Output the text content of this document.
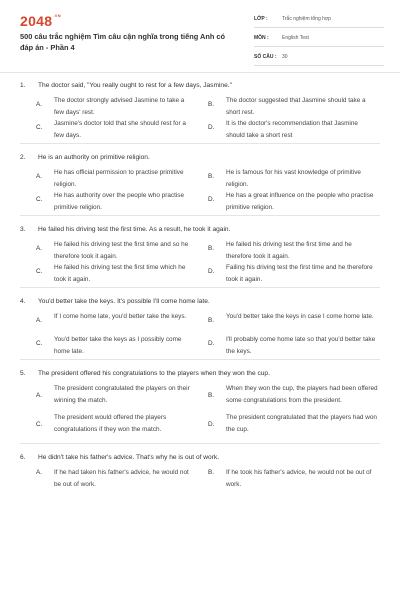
$2048^{.VN}$
500 câu trắc nghiệm Tìm câu cận nghĩa trong tiếng Anh có đáp án - Phần 4
LỚP :	Trắc nghiệm tổng hợp
MÔN :	English Test
SỐ CÂU : 30
1. The doctor said, "You really ought to rest for a few days, Jasmine."
A. The doctor strongly advised Jasmine to take a few days' rest.
B. The doctor suggested that Jasmine should take a short rest.
C. Jasmine's doctor told that she should rest for a few days.
D. It is the doctor's recommendation that Jasmine should take a short rest
2. He is an authority on primitive religion.
A. He has official permission to practise primitive religion.
B. He is famous for his vast knowledge of primitive religion.
C. He has authority over the people who practise primitive religion.
D. He has a great influence on the people who practise primitive religion.
3. He failed his driving test the first time. As a result, he took it again.
A. He failed his driving test the first time and so he therefore took it again.
B. He failed his driving test the first time and he therefore took it again.
C. He failed his driving test the first time which he took it again.
D. Failing his driving test the first time and he therefore took it again.
4. You'd better take the keys. It's possible I'll come home late.
A. If I come home late, you'd better take the keys.	B. You'd better take the keys in case I come home late.
C. You'd better take the keys as I possibly come home late.
D. I'll probably come home late so that you'd better take the keys.
5. The president offered his congratulations to the players when they won the cup.
A.
The president congratulated the players on their winning the match.
B.
When they won the cup, the players had been offered some congratulations from the president.
C.
The president would offered the players congratulations if they won the match.
D.
The president congratulated that the players had won the cup.
6. He didn't take his father's advice. That's why he is out of work.
A. If he had taken his father's advice, he would not be out of work.
B. If he took his father's advice, he would not be out of work.
